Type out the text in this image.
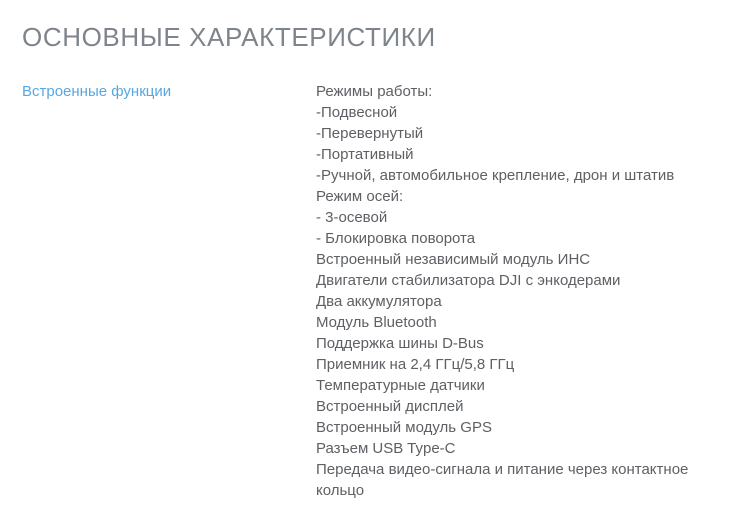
ОСНОВНЫЕ ХАРАКТЕРИСТИКИ
Встроенные функции	Режимы работы:
-Подвесной
-Перевернутый
-Портативный
-Ручной, автомобильное крепление, дрон и штатив
Режим осей:
- 3-осевой
- Блокировка поворота
Встроенный независимый модуль ИНС
Двигатели стабилизатора DJI с энкодерами
Два аккумулятора
Модуль Bluetooth
Поддержка шины D-Bus
Приемник на 2,4 ГГц/5,8 ГГц
Температурные датчики
Встроенный дисплей
Встроенный модуль GPS
Разъем USB Type-C
Передача видео-сигнала и питание через контактное кольцо
